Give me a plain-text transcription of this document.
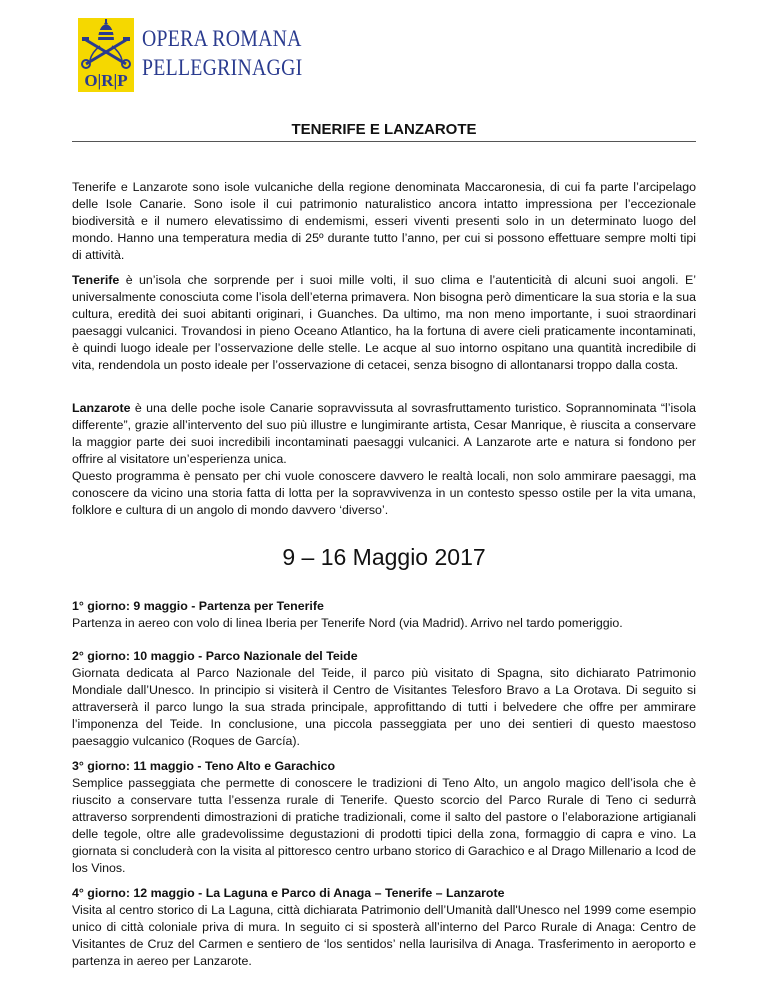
O|R|P
OPERA ROMANA
PELLEGRINAGGI
TENERIFE E LANZAROTE

Tenerife e Lanzarote sono isole vulcaniche della regione denominata Maccaronesia, di cui fa parte l’arcipelago delle Isole Canarie. Sono isole il cui patrimonio naturalistico ancora intatto impressiona per l’eccezionale biodiversità e il numero elevatissimo di endemismi, esseri viventi presenti solo in un determinato luogo del mondo. Hanno una temperatura media di 25º durante tutto l’anno, per cui si possono effettuare sempre molti tipi di attività.

Tenerife è un’isola che sorprende per i suoi mille volti, il suo clima e l’autenticità di alcuni suoi angoli. E’ universalmente conosciuta come l’isola dell’eterna primavera. Non bisogna però dimenticare la sua storia e la sua cultura, eredità dei suoi abitanti originari, i Guanches. Da ultimo, ma non meno importante, i suoi straordinari paesaggi vulcanici. Trovandosi in pieno Oceano Atlantico, ha la fortuna di avere cieli praticamente incontaminati, è quindi luogo ideale per l’osservazione delle stelle. Le acque al suo intorno ospitano una quantità incredibile di vita, rendendola un posto ideale per l’osservazione di cetacei, senza bisogno di allontanarsi troppo dalla costa.

Lanzarote è una delle poche isole Canarie sopravvissuta al sovrasfruttamento turistico. Soprannominata “l’isola differente”, grazie all’intervento del suo più illustre e lungimirante artista, Cesar Manrique, è riuscita a conservare la maggior parte dei suoi incredibili incontaminati paesaggi vulcanici. A Lanzarote arte e natura si fondono per offrire al visitatore un’esperienza unica.
Questo programma è pensato per chi vuole conoscere davvero le realtà locali, non solo ammirare paesaggi, ma conoscere da vicino una storia fatta di lotta per la sopravvivenza in un contesto spesso ostile per la vita umana, folklore e cultura di un angolo di mondo davvero ‘diverso’.

9 – 16 Maggio 2017
1° giorno: 9 maggio - Partenza per Tenerife

Partenza in aereo con volo di linea Iberia per Tenerife Nord (via Madrid). Arrivo nel tardo pomeriggio.

2° giorno: 10 maggio - Parco Nazionale del Teide

Giornata dedicata al Parco Nazionale del Teide, il parco più visitato di Spagna, sito dichiarato Patrimonio Mondiale dall’Unesco. In principio si visiterà il Centro de Visitantes Telesforo Bravo a La Orotava. Di seguito si attraverserà il parco lungo la sua strada principale, approfittando di tutti i belvedere che offre per ammirare l’imponenza del Teide. In conclusione, una piccola passeggiata per uno dei sentieri di questo maestoso paesaggio vulcanico (Roques de García).

3° giorno: 11 maggio - Teno Alto e Garachico

Semplice passeggiata che permette di conoscere le tradizioni di Teno Alto, un angolo magico dell’isola che è riuscito a conservare tutta l’essenza rurale di Tenerife. Questo scorcio del Parco Rurale di Teno ci sedurrà attraverso sorprendenti dimostrazioni di pratiche tradizionali, come il salto del pastore o l’elaborazione artigianali delle tegole, oltre alle gradevolissime degustazioni di prodotti tipici della zona, formaggio di capra e vino. La giornata si concluderà con la visita al pittoresco centro urbano storico di Garachico e al Drago Millenario a Icod de los Vinos.

4° giorno: 12 maggio - La Laguna e Parco di Anaga – Tenerife – Lanzarote

Visita al centro storico di La Laguna, città dichiarata Patrimonio dell’Umanità dall'Unesco nel 1999 come esempio unico di città coloniale priva di mura. In seguito ci si sposterà all’interno del Parco Rurale di Anaga: Centro de Visitantes de Cruz del Carmen e sentiero de ‘los sentidos’ nella laurisilva di Anaga. Trasferimento in aeroporto e partenza in aereo per Lanzarote.
